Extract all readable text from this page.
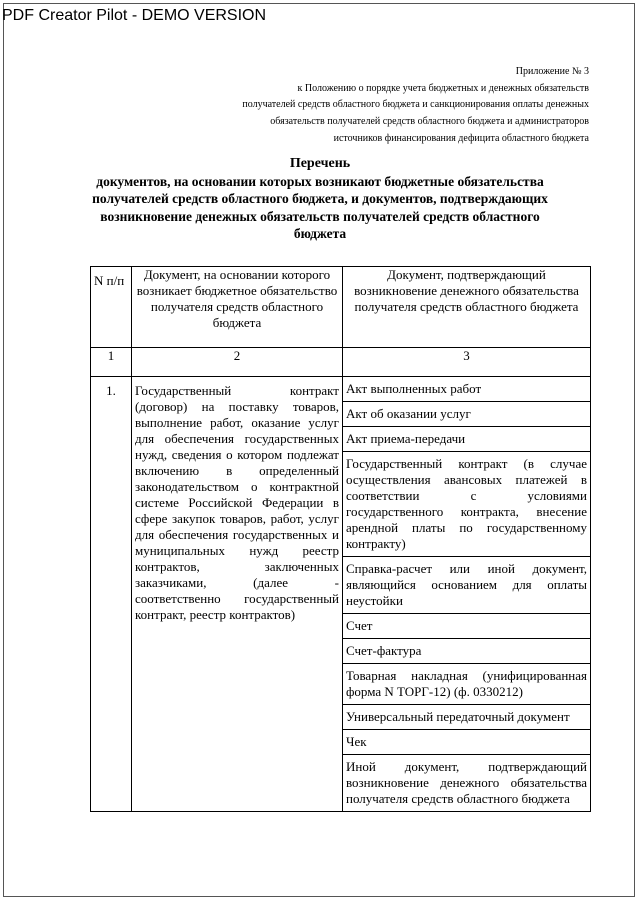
PDF Creator Pilot - DEMO VERSION
Приложение № 3
к Положению о порядке учета бюджетных и денежных обязательств
получателей средств областного бюджета и санкционирования оплаты денежных
обязательств получателей средств областного бюджета и администраторов
источников финансирования дефицита областного бюджета
Перечень
документов, на основании которых возникают бюджетные обязательства
получателей средств областного бюджета, и документов, подтверждающих
возникновение денежных обязательств получателей средств областного
бюджета
N п/п	Документ, на основании которого возникает бюджетное обязательство получателя средств областного бюджета	Документ, подтверждающий возникновение денежного обязательства получателя средств областного бюджета
1	2	3
1.	Государственный контракт (договор) на поставку товаров, выполнение работ, оказание услуг для обеспечения государственных нужд, сведения о котором подлежат включению в определенный законодательством о контрактной системе Российской Федерации в сфере закупок товаров, работ, услуг для обеспечения государственных и муниципальных нужд реестр контрактов, заключенных заказчиками, (далее - соответственно государственный контракт, реестр контрактов)	Акт выполненных работ
		Акт об оказании услуг
		Акт приема-передачи
		Государственный контракт (в случае осуществления авансовых платежей в соответствии с условиями государственного контракта, внесение арендной платы по государственному контракту)
		Справка-расчет или иной документ, являющийся основанием для оплаты неустойки
		Счет
		Счет-фактура
		Товарная накладная (унифицированная форма N ТОРГ-12) (ф. 0330212)
		Универсальный передаточный документ
		Чек
		Иной документ, подтверждающий возникновение денежного обязательства получателя средств областного бюджета
